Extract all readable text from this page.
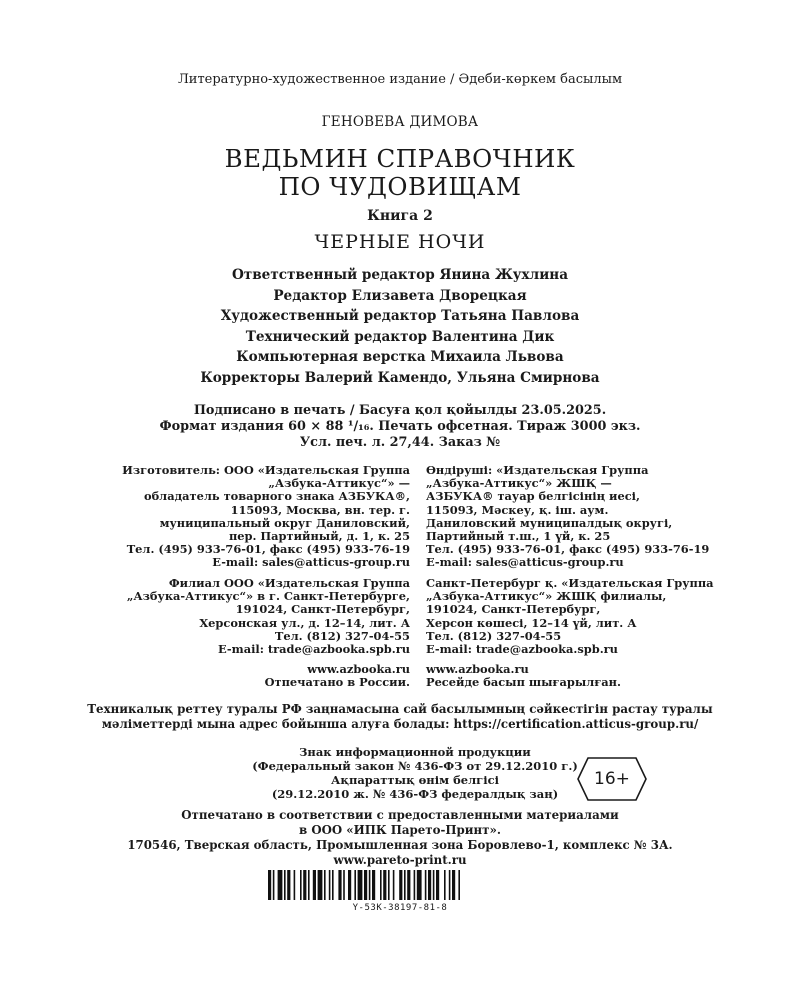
Литературно-художественное издание / Әдеби-көркем басылым
ГЕНОВЕВА ДИМОВА
ВЕДЬМИН СПРАВОЧНИК
ПО ЧУДОВИЩАМ
Книга 2
ЧЕРНЫЕ НОЧИ
Ответственный редактор Янина Жухлина
Редактор Елизавета Дворецкая
Художественный редактор Татьяна Павлова
Технический редактор Валентина Дик
Компьютерная верстка Михаила Львова
Корректоры Валерий Камендо, Ульяна Смирнова
Подписано в печать / Басуға қол қойылды 23.05.2025.
Формат издания 60 × 88 ¹/₁₆. Печать офсетная. Тираж 3000 экз.
Усл. печ. л. 27,44. Заказ №
Изготовитель: ООО «Издательская Группа
„Азбука-Аттикус“» —
обладатель товарного знака АЗБУКА®,
115093, Москва, вн. тер. г.
муниципальный округ Даниловский,
пер. Партийный, д. 1, к. 25
Тел. (495) 933-76-01, факс (495) 933-76-19
E-mail: sales@atticus-group.ru
Өндіруші: «Издательская Группа
„Азбука-Аттикус“» ЖШҚ —
АЗБУКА® тауар белгісінің иесі,
115093, Мәскеу, қ. іш. аум.
Даниловский муниципалдық округі,
Партийный т.ш., 1 үй, к. 25
Тел. (495) 933-76-01, факс (495) 933-76-19
E-mail: sales@atticus-group.ru
Филиал ООО «Издательская Группа
„Азбука-Аттикус“» в г. Санкт-Петербурге,
191024, Санкт-Петербург,
Херсонская ул., д. 12–14, лит. А
Тел. (812) 327-04-55
E-mail: trade@azbooka.spb.ru
Санкт-Петербург қ. «Издательская Группа
„Азбука-Аттикус“» ЖШҚ филиалы,
191024, Санкт-Петербург,
Херсон көшесі, 12–14 үй, лит. А
Тел. (812) 327-04-55
E-mail: trade@azbooka.spb.ru
www.azbooka.ru
Отпечатано в России.
www.azbooka.ru
Ресейде басып шығарылған.
Техникалық реттеу туралы РФ заңнамасына сай басылымның сәйкестігін растау туралы
мәліметтерді мына адрес бойынша алуға болады: https://certification.atticus-group.ru/
Знак информационной продукции
(Федеральный закон № 436-ФЗ от 29.12.2010 г.)
Ақпараттық өнім белгісі
(29.12.2010 ж. № 436-ФЗ федералдық заң)
16+
Отпечатано в соответствии с предоставленными материалами
в ООО «ИПК Парето-Принт».
170546, Тверская область, Промышленная зона Боровлево-1, комплекс № 3А.
www.pareto-print.ru
Y-53K-38197-81-8
